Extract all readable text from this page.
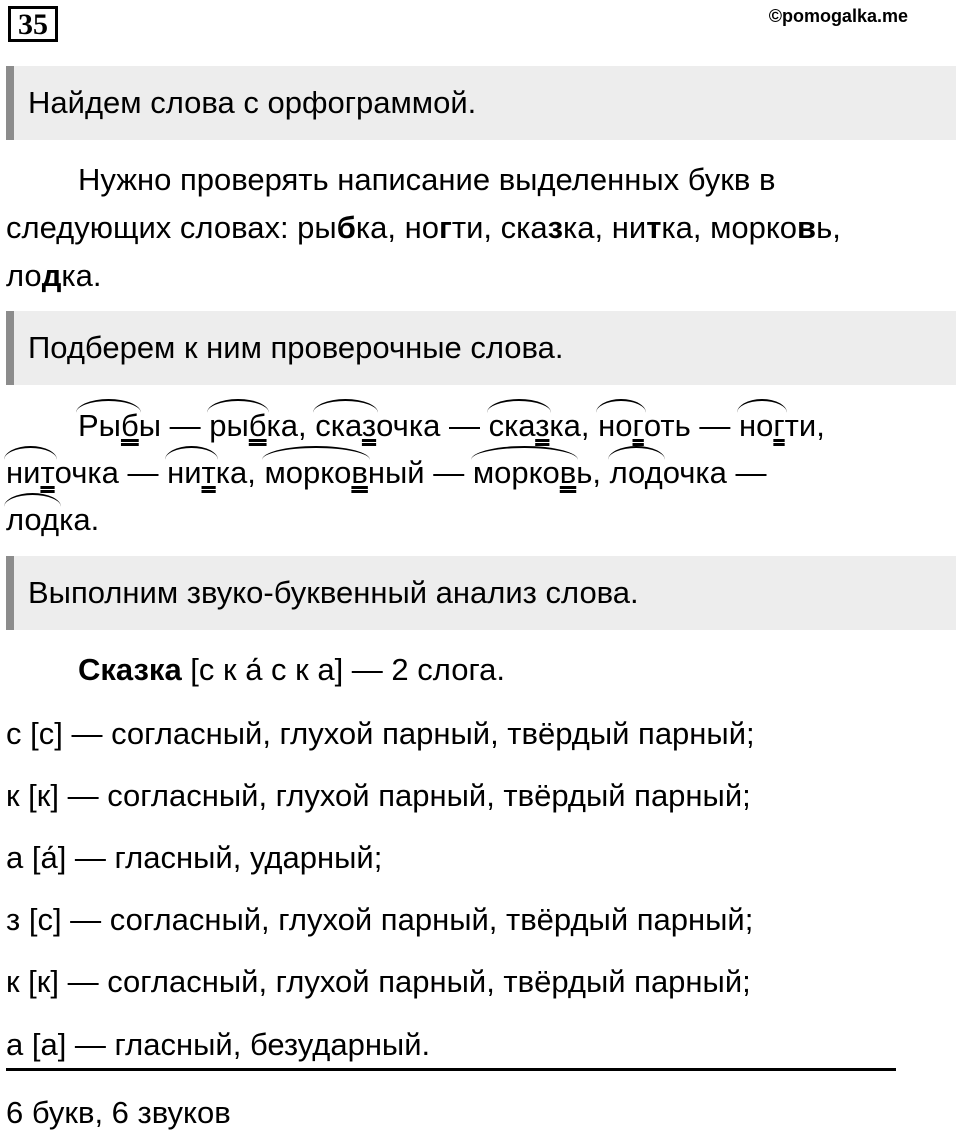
35	©pomogalka.me
Найдем слова с орфограммой.
Нужно проверять написание выделенных букв в
следующих словах: рыбка, ногти, сказка, нитка, морковь,
лодка.
Подберем к ним проверочные слова.
Рыбы — рыбка, сказочка — сказка, ноготь — ногти,
ниточка — нитка, морковный — морковь, лодочка —
лодка.
Выполним звуко-буквенный анализ слова.
Сказка [с к а́ с к а] — 2 слога.
с [с] — согласный, глухой парный, твёрдый парный;
к [к] — согласный, глухой парный, твёрдый парный;
а [а́] — гласный, ударный;
з [с] — согласный, глухой парный, твёрдый парный;
к [к] — согласный, глухой парный, твёрдый парный;
а [а] — гласный, безударный.
6 букв, 6 звуков
